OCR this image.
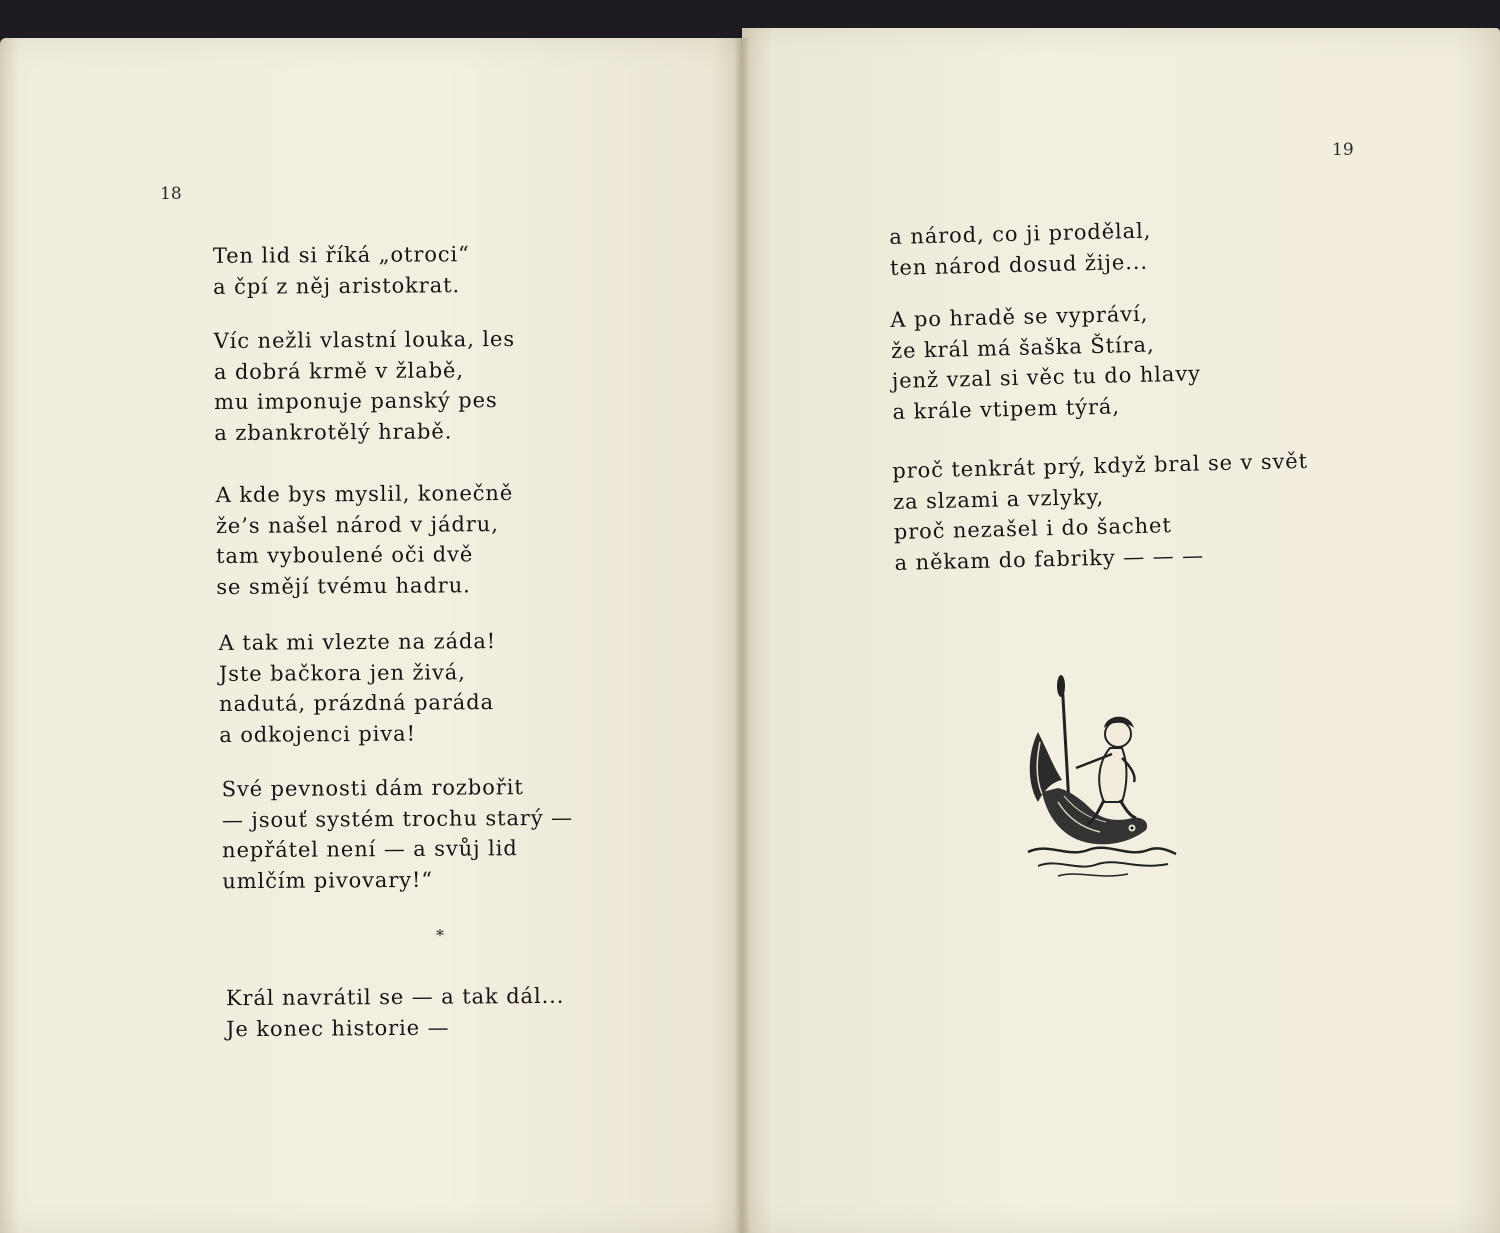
18
Ten lid si říká „otroci“
a čpí z něj aristokrat.
Víc nežli vlastní louka, les
a dobrá krmě v žlabě,
mu imponuje panský pes
a zbankrotělý hrabě.
A kde bys myslil, konečně
že’s našel národ v jádru,
tam vyboulené oči dvě
se smějí tvému hadru.
A tak mi vlezte na záda!
Jste bačkora jen živá,
nadutá, prázdná paráda
a odkojenci piva!
Své pevnosti dám rozbořit
— jsouť systém trochu starý —
nepřátel není — a svůj lid
umlčím pivovary!“
*
Král navrátil se — a tak dál...
Je konec historie —
19
a národ, co ji prodělal,
ten národ dosud žije...
A po hradě se vypráví,
že král má šaška Štíra,
jenž vzal si věc tu do hlavy
a krále vtipem týrá,
proč tenkrát prý, když bral se v svět
za slzami a vzlyky,
proč nezašel i do šachet
a někam do fabriky — — —
